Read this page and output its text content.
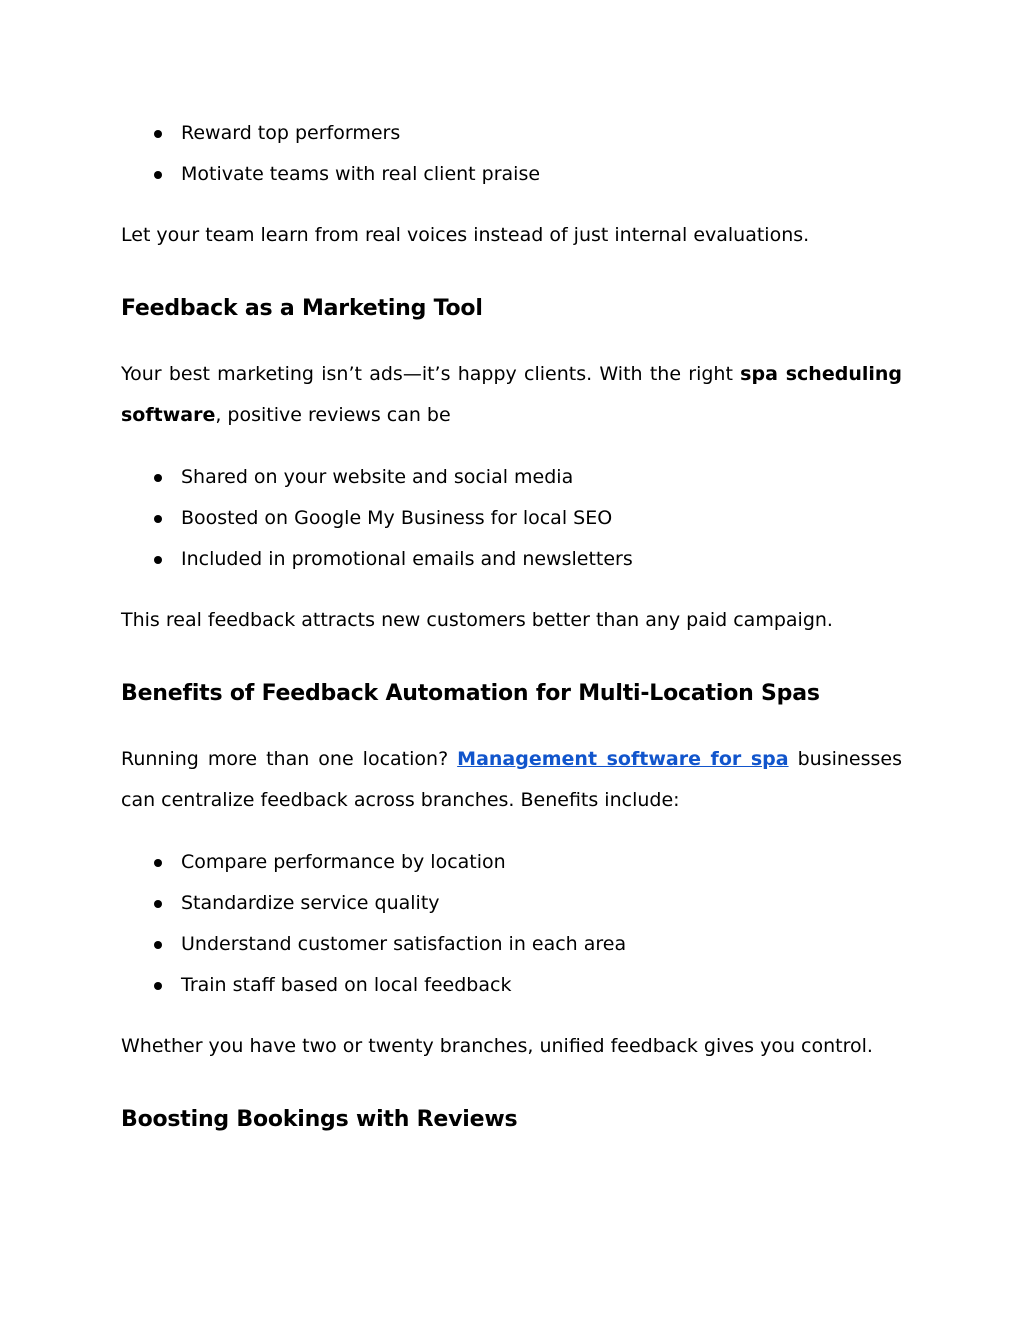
Reward top performers
Motivate teams with real client praise

Let your team learn from real voices instead of just internal evaluations.

Feedback as a Marketing Tool

Your best marketing isn’t ads—it’s happy clients. With the right spa scheduling software, positive reviews can be

Shared on your website and social media
Boosted on Google My Business for local SEO
Included in promotional emails and newsletters

This real feedback attracts new customers better than any paid campaign.

Benefits of Feedback Automation for Multi-Location Spas

Running more than one location? Management software for spa businesses can centralize feedback across branches. Benefits include:

Compare performance by location
Standardize service quality
Understand customer satisfaction in each area
Train staff based on local feedback

Whether you have two or twenty branches, unified feedback gives you control.

Boosting Bookings with Reviews
